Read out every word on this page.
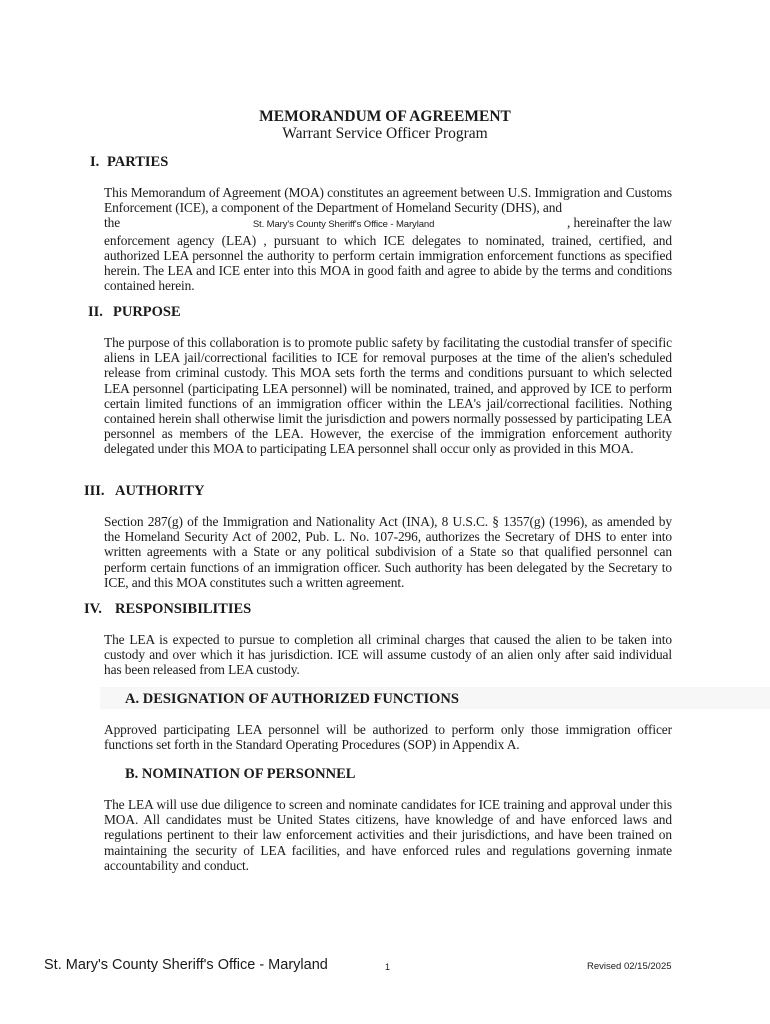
MEMORANDUM OF AGREEMENT
Warrant Service Officer Program
I. PARTIES
This Memorandum of Agreement (MOA) constitutes an agreement between U.S. Immigration and Customs Enforcement (ICE), a component of the Department of Homeland Security (DHS), and
the	St. Mary's County Sheriff's Office - Maryland	, hereinafter the law
enforcement agency (LEA) , pursuant to which ICE delegates to nominated, trained, certified, and authorized LEA personnel the authority to perform certain immigration enforcement functions as specified herein. The LEA and ICE enter into this MOA in good faith and agree to abide by the terms and conditions contained herein.
II. PURPOSE
The purpose of this collaboration is to promote public safety by facilitating the custodial transfer of specific aliens in LEA jail/correctional facilities to ICE for removal purposes at the time of the alien's scheduled release from criminal custody. This MOA sets forth the terms and conditions pursuant to which selected LEA personnel (participating LEA personnel) will be nominated, trained, and approved by ICE to perform certain limited functions of an immigration officer within the LEA's jail/correctional facilities. Nothing contained herein shall otherwise limit the jurisdiction and powers normally possessed by participating LEA personnel as members of the LEA. However, the exercise of the immigration enforcement authority delegated under this MOA to participating LEA personnel shall occur only as provided in this MOA.
III. AUTHORITY
Section 287(g) of the Immigration and Nationality Act (INA), 8 U.S.C. § 1357(g) (1996), as amended by the Homeland Security Act of 2002, Pub. L. No. 107-296, authorizes the Secretary of DHS to enter into written agreements with a State or any political subdivision of a State so that qualified personnel can perform certain functions of an immigration officer. Such authority has been delegated by the Secretary to ICE, and this MOA constitutes such a written agreement.
IV. RESPONSIBILITIES
The LEA is expected to pursue to completion all criminal charges that caused the alien to be taken into custody and over which it has jurisdiction. ICE will assume custody of an alien only after said individual has been released from LEA custody.
A. DESIGNATION OF AUTHORIZED FUNCTIONS
Approved participating LEA personnel will be authorized to perform only those immigration officer functions set forth in the Standard Operating Procedures (SOP) in Appendix A.
B. NOMINATION OF PERSONNEL
The LEA will use due diligence to screen and nominate candidates for ICE training and approval under this MOA. All candidates must be United States citizens, have knowledge of and have enforced laws and regulations pertinent to their law enforcement activities and their jurisdictions, and have been trained on maintaining the security of LEA facilities, and have enforced rules and regulations governing inmate accountability and conduct.
St. Mary's County Sheriff's Office - Maryland	1	Revised 02/15/2025
